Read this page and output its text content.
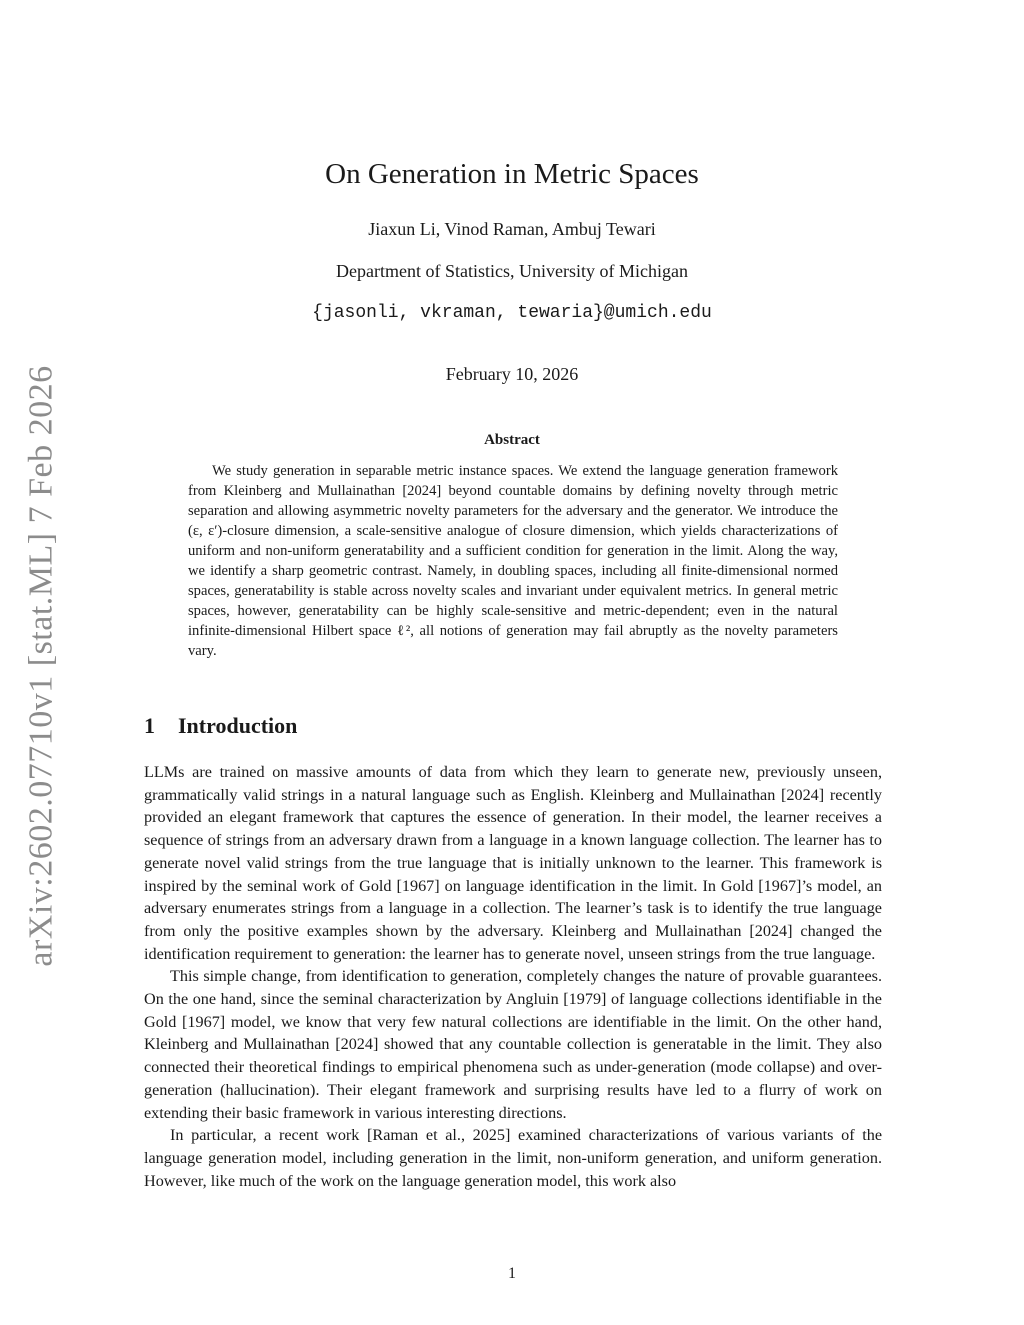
arXiv:2602.07710v1 [stat.ML] 7 Feb 2026
On Generation in Metric Spaces
Jiaxun Li, Vinod Raman, Ambuj Tewari
Department of Statistics, University of Michigan
{jasonli, vkraman, tewaria}@umich.edu
February 10, 2026
Abstract

We study generation in separable metric instance spaces. We extend the language generation framework from Kleinberg and Mullainathan [2024] beyond countable domains by defining novelty through metric separation and allowing asymmetric novelty parameters for the adversary and the generator. We introduce the (ε, ε′)-closure dimension, a scale-sensitive analogue of closure dimension, which yields characterizations of uniform and non-uniform generatability and a sufficient condition for generation in the limit. Along the way, we identify a sharp geometric contrast. Namely, in doubling spaces, including all finite-dimensional normed spaces, generatability is stable across novelty scales and invariant under equivalent metrics. In general metric spaces, however, generatability can be highly scale-sensitive and metric-dependent; even in the natural infinite-dimensional Hilbert space ℓ², all notions of generation may fail abruptly as the novelty parameters vary.

1 Introduction

LLMs are trained on massive amounts of data from which they learn to generate new, previously unseen, grammatically valid strings in a natural language such as English. Kleinberg and Mullainathan [2024] recently provided an elegant framework that captures the essence of generation. In their model, the learner receives a sequence of strings from an adversary drawn from a language in a known language collection. The learner has to generate novel valid strings from the true language that is initially unknown to the learner. This framework is inspired by the seminal work of Gold [1967] on language identification in the limit. In Gold [1967]’s model, an adversary enumerates strings from a language in a collection. The learner’s task is to identify the true language from only the positive examples shown by the adversary. Kleinberg and Mullainathan [2024] changed the identification requirement to generation: the learner has to generate novel, unseen strings from the true language.

This simple change, from identification to generation, completely changes the nature of provable guarantees. On the one hand, since the seminal characterization by Angluin [1979] of language collections identifiable in the Gold [1967] model, we know that very few natural collections are identifiable in the limit. On the other hand, Kleinberg and Mullainathan [2024] showed that any countable collection is generatable in the limit. They also connected their theoretical findings to empirical phenomena such as under-generation (mode collapse) and over-generation (hallucination). Their elegant framework and surprising results have led to a flurry of work on extending their basic framework in various interesting directions.

In particular, a recent work [Raman et al., 2025] examined characterizations of various variants of the language generation model, including generation in the limit, non-uniform generation, and uniform generation. However, like much of the work on the language generation model, this work also

1
